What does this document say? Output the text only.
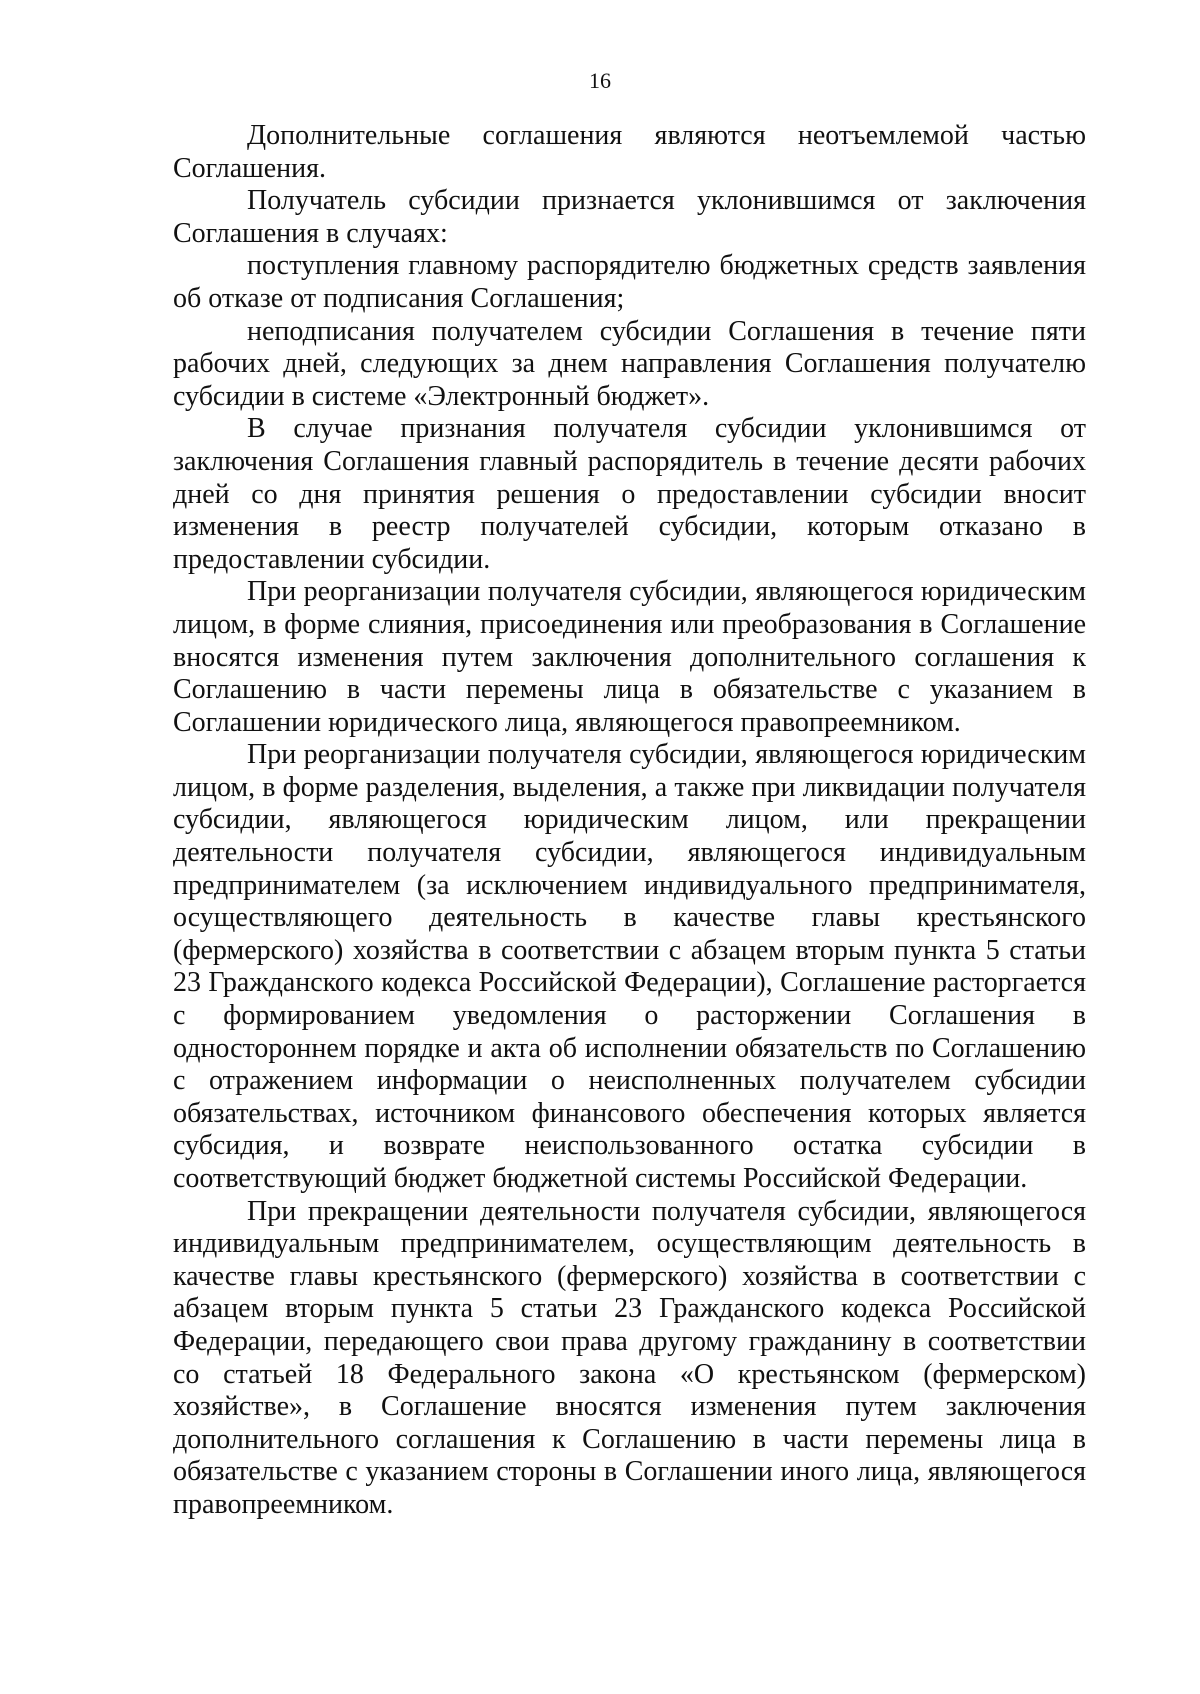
16

Дополнительные соглашения являются неотъемлемой частью Соглашения.

Получатель субсидии признается уклонившимся от заключения Соглашения в случаях:

поступления главному распорядителю бюджетных средств заявления об отказе от подписания Соглашения;

неподписания получателем субсидии Соглашения в течение пяти рабочих дней, следующих за днем направления Соглашения получателю субсидии в системе «Электронный бюджет».

В случае признания получателя субсидии уклонившимся от заключения Соглашения главный распорядитель в течение десяти рабочих дней со дня принятия решения о предоставлении субсидии вносит изменения в реестр получателей субсидии, которым отказано в предоставлении субсидии.

При реорганизации получателя субсидии, являющегося юридическим лицом, в форме слияния, присоединения или преобразования в Соглашение вносятся изменения путем заключения дополнительного соглашения к Соглашению в части перемены лица в обязательстве с указанием в Соглашении юридического лица, являющегося правопреемником.

При реорганизации получателя субсидии, являющегося юридическим лицом, в форме разделения, выделения, а также при ликвидации получателя субсидии, являющегося юридическим лицом, или прекращении деятельности получателя субсидии, являющегося индивидуальным предпринимателем (за исключением индивидуального предпринимателя, осуществляющего деятельность в качестве главы крестьянского (фермерского) хозяйства в соответствии с абзацем вторым пункта 5 статьи 23 Гражданского кодекса Российской Федерации), Соглашение расторгается с формированием уведомления о расторжении Соглашения в одностороннем порядке и акта об исполнении обязательств по Соглашению с отражением информации о неисполненных получателем субсидии обязательствах, источником финансового обеспечения которых является субсидия, и возврате неиспользованного остатка субсидии в соответствующий бюджет бюджетной системы Российской Федерации.

При прекращении деятельности получателя субсидии, являющегося индивидуальным предпринимателем, осуществляющим деятельность в качестве главы крестьянского (фермерского) хозяйства в соответствии с абзацем вторым пункта 5 статьи 23 Гражданского кодекса Российской Федерации, передающего свои права другому гражданину в соответствии со статьей 18 Федерального закона «О крестьянском (фермерском) хозяйстве», в Соглашение вносятся изменения путем заключения дополнительного соглашения к Соглашению в части перемены лица в обязательстве с указанием стороны в Соглашении иного лица, являющегося правопреемником.
